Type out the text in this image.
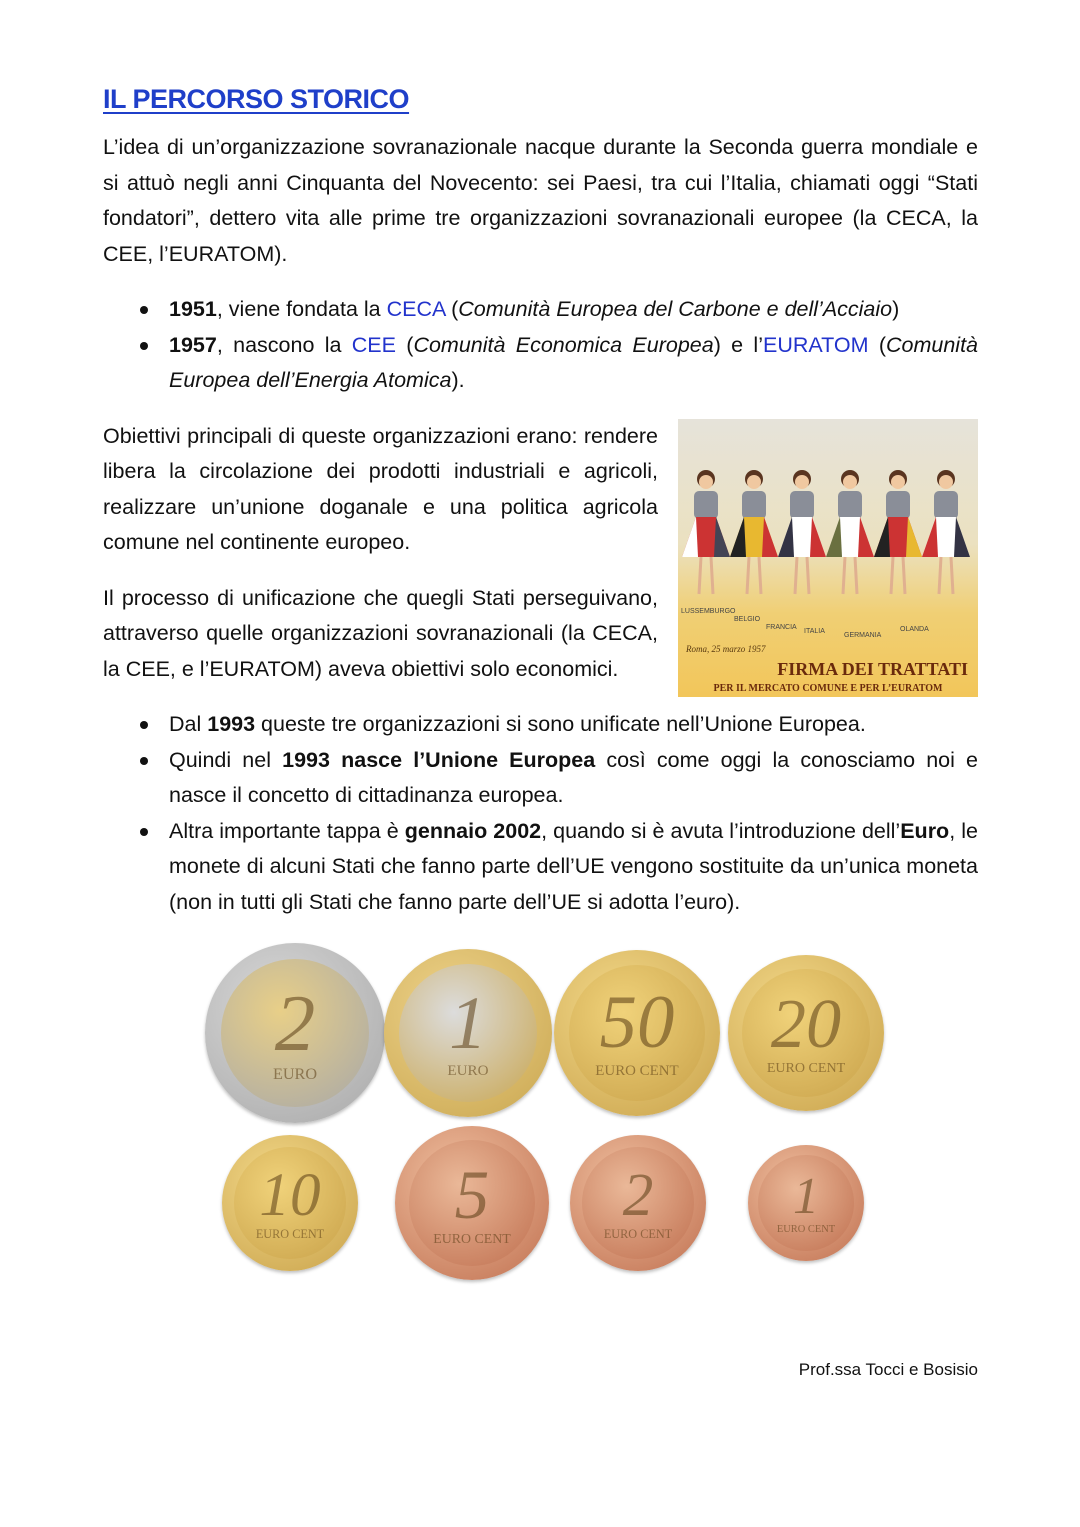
IL PERCORSO STORICO

L’idea di un’organizzazione sovranazionale nacque durante la Seconda guerra mondiale e si attuò negli anni Cinquanta del Novecento: sei Paesi, tra cui l’Italia, chiamati oggi “Stati fondatori”, dettero vita alle prime tre organizzazioni sovranazionali europee (la CECA, la CEE, l’EURATOM).

1951, viene fondata la CECA (Comunità Europea del Carbone e dell’Acciaio)
1957, nascono la CEE (Comunità Economica Europea) e l’EURATOM (Comunità Europea dell’Energia Atomica).
LUSSEMBURGO
BELGIO
FRANCIA
ITALIA
GERMANIA
OLANDA
Roma, 25 marzo 1957
FIRMA DEI TRATTATI
PER IL MERCATO COMUNE E PER L’EURATOM

Obiettivi principali di queste organizzazioni erano: rendere libera la circolazione dei prodotti industriali e agricoli, realizzare un’unione doganale e una politica agricola comune nel continente europeo.

Il processo di unificazione che quegli Stati perseguivano, attraverso quelle organizzazioni sovranazionali (la CECA, la CEE, e l’EURATOM) aveva obiettivi solo economici.

Dal 1993 queste tre organizzazioni si sono unificate nell’Unione Europea.
Quindi nel 1993 nasce l’Unione Europea così come oggi la conosciamo noi e nasce il concetto di cittadinanza europea.
Altra importante tappa è gennaio 2002, quando si è avuta l’introduzione dell’Euro, le monete di alcuni Stati che fanno parte dell’UE vengono sostituite da un’unica moneta (non in tutti gli Stati che fanno parte dell’UE si adotta l’euro).
2
EURO
1
EURO
50
EURO CENT
20
EURO CENT
10
EURO CENT
5
EURO CENT
2
EURO CENT
1
EURO CENT
Prof.ssa Tocci e Bosisio
